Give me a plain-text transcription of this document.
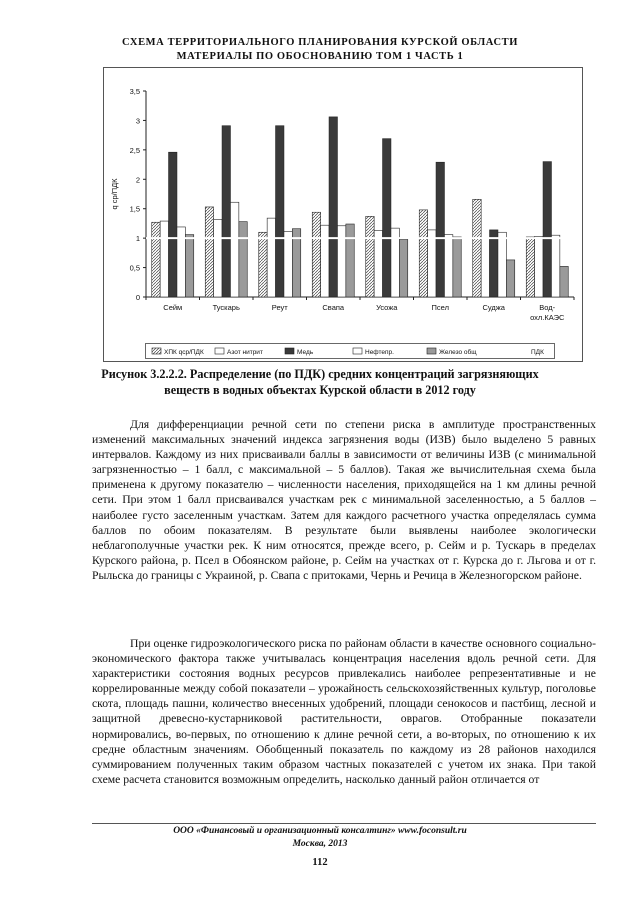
СХЕМА ТЕРРИТОРИАЛЬНОГО ПЛАНИРОВАНИЯ КУРСКОЙ ОБЛАСТИ
МАТЕРИАЛЫ ПО ОБОСНОВАНИЮ ТОМ 1 ЧАСТЬ 1
0
0,5
1
1,5
2
2,5
3
3,5
q ср/ПДК
Сейм	Тускарь	Реут	Свапа	Усожа	Псел	Суджа	Вод-
охл.КАЭС
ХПК qср/ПДК	Азот нитрит	Медь	Нефтепр.	Железо общ	ПДК
Рисунок 3.2.2.2. Распределение (по ПДК) средних концентраций загрязняющих
веществ в водных объектах Курской области в 2012 году

Для дифференциации речной сети по степени риска в амплитуде пространственных изменений максимальных значений индекса загрязнения воды (ИЗВ) было выделено 5 равных интервалов. Каждому из них присваивали баллы в зависимости от величины ИЗВ (с минимальной загрязненностью – 1 балл, с максимальной – 5 баллов). Такая же вычислительная схема была применена к другому показателю – численности населения, приходящейся на 1 км длины речной сети. При этом 1 балл присваивался участкам рек с минимальной заселенностью, а 5 баллов – наиболее густо заселенным участкам. Затем для каждого расчетного участка определялась сумма баллов по обоим показателям. В результате были выявлены наиболее экологически неблагополучные участки рек. К ним относятся, прежде всего, р. Сейм и р. Тускарь в пределах Курского района, р. Псел в Обоянском районе, р. Сейм на участках от г. Курска до г. Льгова и от г. Рыльска до границы с Украиной, р. Свапа с притоками, Чернь и Речица в Железногорском районе.

При оценке гидроэкологического риска по районам области в качестве основного социально-экономического фактора также учитывалась концентрация населения вдоль речной сети. Для характеристики состояния водных ресурсов привлекались наиболее репрезентативные и не коррелированные между собой показатели – урожайность сельскохозяйственных культур, поголовье скота, площадь пашни, количество внесенных удобрений, площади сенокосов и пастбищ, лесной и защитной древесно-кустарниковой растительности, оврагов. Отобранные показатели нормировались, во-первых, по отношению к длине речной сети, а во-вторых, по отношению к их средне областным значениям. Обобщенный показатель по каждому из 28 районов находился суммированием полученных таким образом частных показателей с учетом их знака. При такой схеме расчета становится возможным определить, насколько данный район отличается от

ООО «Финансовый и организационный консалтинг» www.foconsult.ru
Москва, 2013
112
